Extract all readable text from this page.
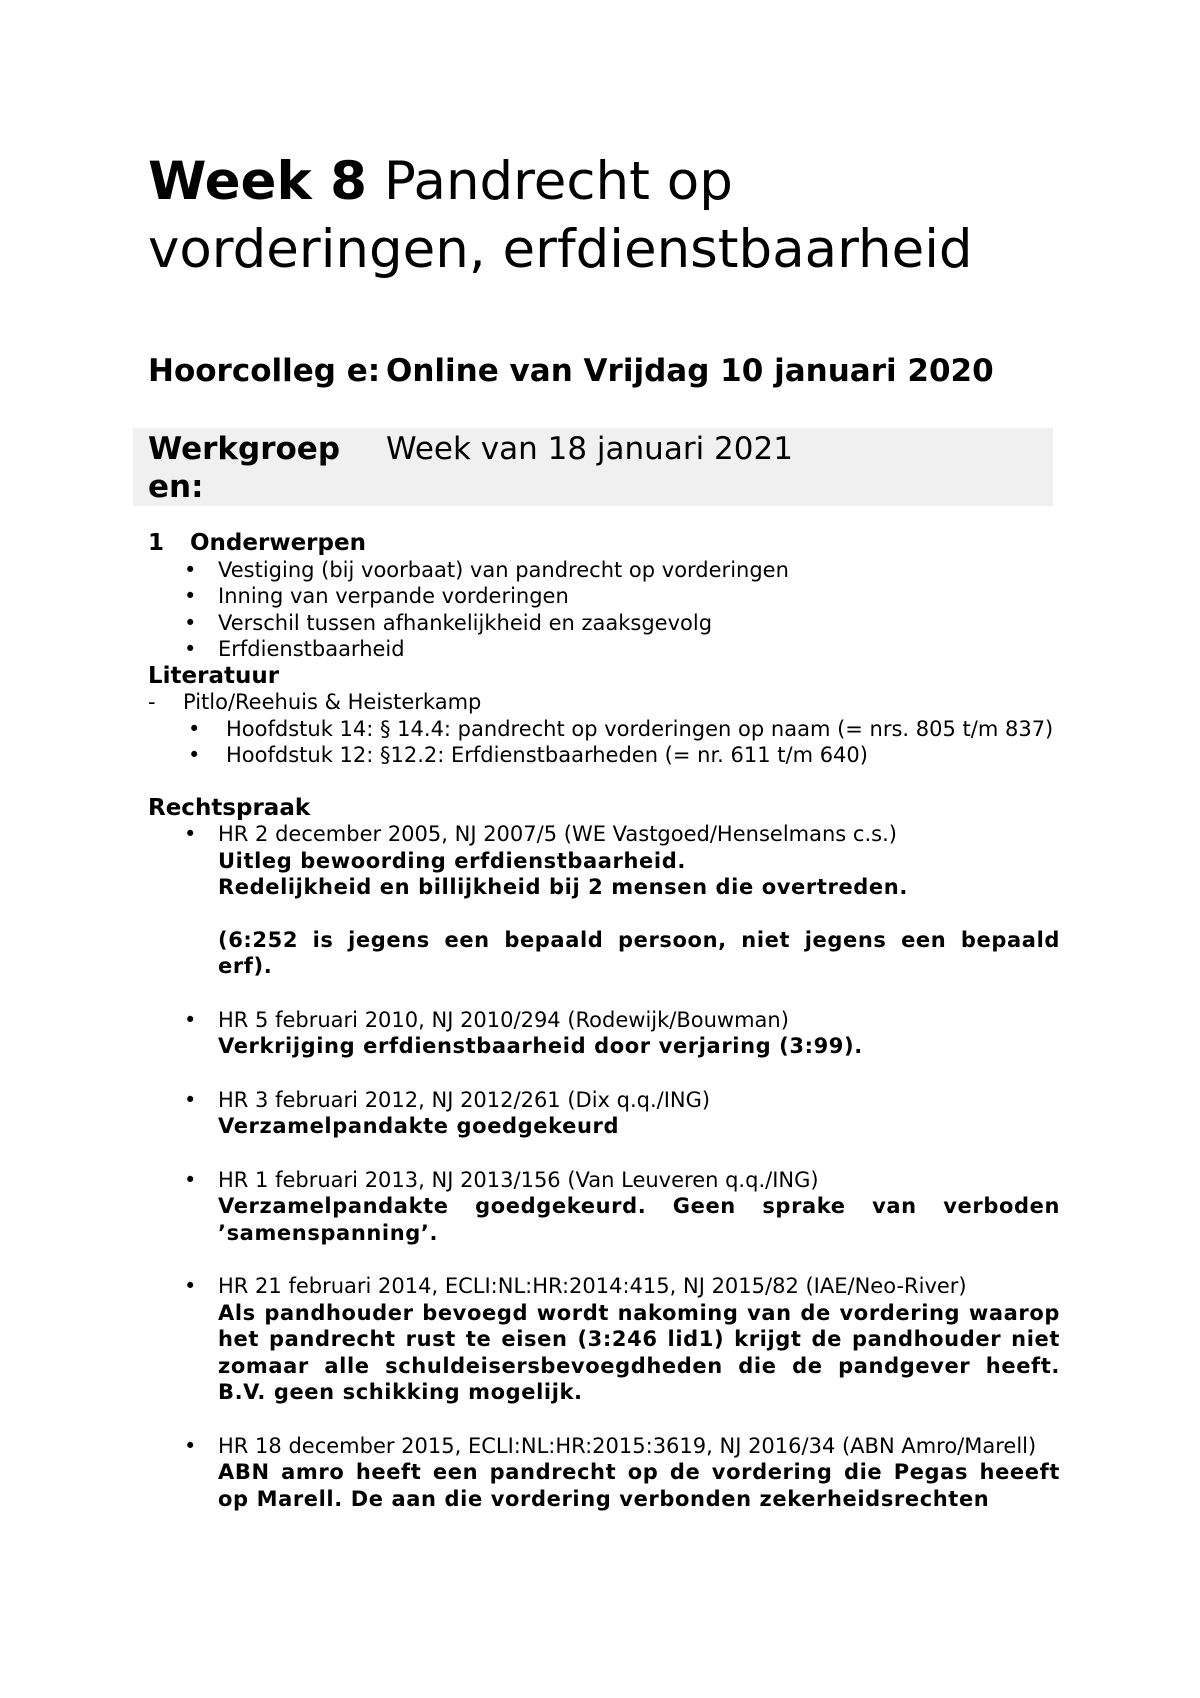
Week 8 Pandrecht op vorderingen, erfdienstbaarheid
Hoorcolleg e: Online van Vrijdag 10 januari 2020
Werkgroep en:
Week van 18 januari 2021
1 Onderwerpen
• Vestiging (bij voorbaat) van pandrecht op vorderingen
• Inning van verpande vorderingen
• Verschil tussen afhankelijkheid en zaaksgevolg
• Erfdienstbaarheid
Literatuur
- Pitlo/Reehuis & Heisterkamp
• Hoofdstuk 14: § 14.4: pandrecht op vorderingen op naam (= nrs. 805 t/m 837)
• Hoofdstuk 12: §12.2: Erfdienstbaarheden (= nr. 611 t/m 640)
Rechtspraak
• HR 2 december 2005, NJ 2007/5 (WE Vastgoed/Henselmans c.s.)
Uitleg bewoording erfdienstbaarheid.
Redelijkheid en billijkheid bij 2 mensen die overtreden.
(6:252 is jegens een bepaald persoon, niet jegens een bepaald erf).
• HR 5 februari 2010, NJ 2010/294 (Rodewijk/Bouwman)
Verkrijging erfdienstbaarheid door verjaring (3:99).
• HR 3 februari 2012, NJ 2012/261 (Dix q.q./ING)
Verzamelpandakte goedgekeurd
• HR 1 februari 2013, NJ 2013/156 (Van Leuveren q.q./ING)
Verzamelpandakte goedgekeurd. Geen sprake van verboden ’samenspanning’.
• HR 21 februari 2014, ECLI:NL:HR:2014:415, NJ 2015/82 (IAE/Neo-River)
Als pandhouder bevoegd wordt nakoming van de vordering waarop het pandrecht rust te eisen (3:246 lid1) krijgt de pandhouder niet zomaar alle schuldeisersbevoegdheden die de pandgever heeft. B.V. geen schikking mogelijk.
• HR 18 december 2015, ECLI:NL:HR:2015:3619, NJ 2016/34 (ABN Amro/Marell)
ABN amro heeft een pandrecht op de vordering die Pegas heeeft op Marell. De aan die vordering verbonden zekerheidsrechten
